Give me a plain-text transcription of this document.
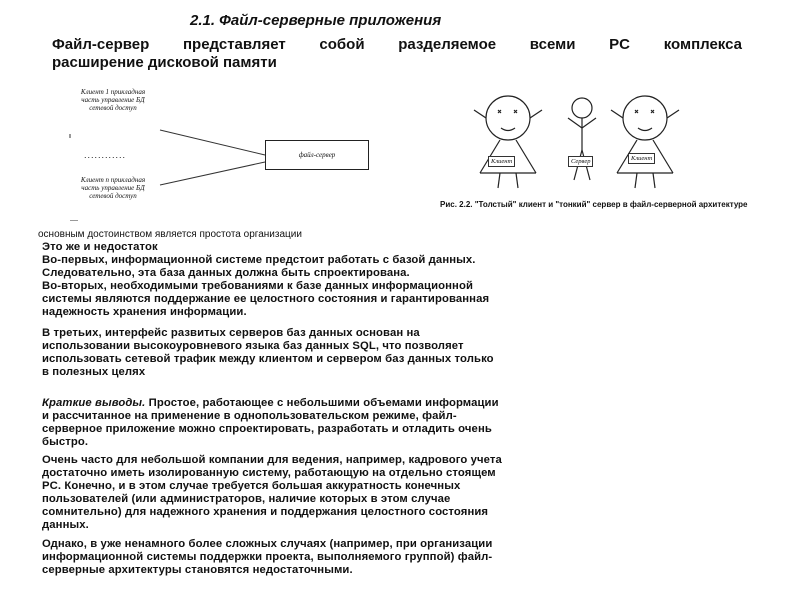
2.1. Файл-серверные приложения
Файл-сервер представляет собой разделяемое всеми PC комплекса
расширение дисковой памяти
Клиент 1 прикладная часть управление БД сетевой доступ
............
Клиент n прикладная часть управление БД сетевой доступ
файл-сервер
Клиент	Сервер	Клиент
Рис. 2.2. "Толстый" клиент и "тонкий" сервер в файл-серверной архитектуре
основным достоинством является простота организации
Это же и недостаток
Во-первых, информационной системе предстоит работать с базой данных.
Следовательно, эта база данных должна быть спроектирована.
Во-вторых, необходимыми требованиями к базе данных информационной
системы являются поддержание ее целостного состояния и гарантированная
надежность хранения информации.
В третьих, интерфейс развитых серверов баз данных основан на
использовании высокоуровневого языка баз данных SQL, что позволяет
использовать сетевой трафик между клиентом и сервером баз данных только
в полезных целях
Краткие выводы. Простое, работающее с небольшими объемами информации
и рассчитанное на применение в однопользовательском режиме, файл-
серверное приложение можно спроектировать, разработать и отладить очень
быстро.
Очень часто для небольшой компании для ведения, например, кадрового учета
достаточно иметь изолированную систему, работающую на отдельно стоящем
PC. Конечно, и в этом случае требуется большая аккуратность конечных
пользователей (или администраторов, наличие которых в этом случае
сомнительно) для надежного хранения и поддержания целостного состояния
данных.
Однако, в уже ненамного более сложных случаях (например, при организации
информационной системы поддержки проекта, выполняемого группой) файл-
серверные архитектуры становятся недостаточными.
